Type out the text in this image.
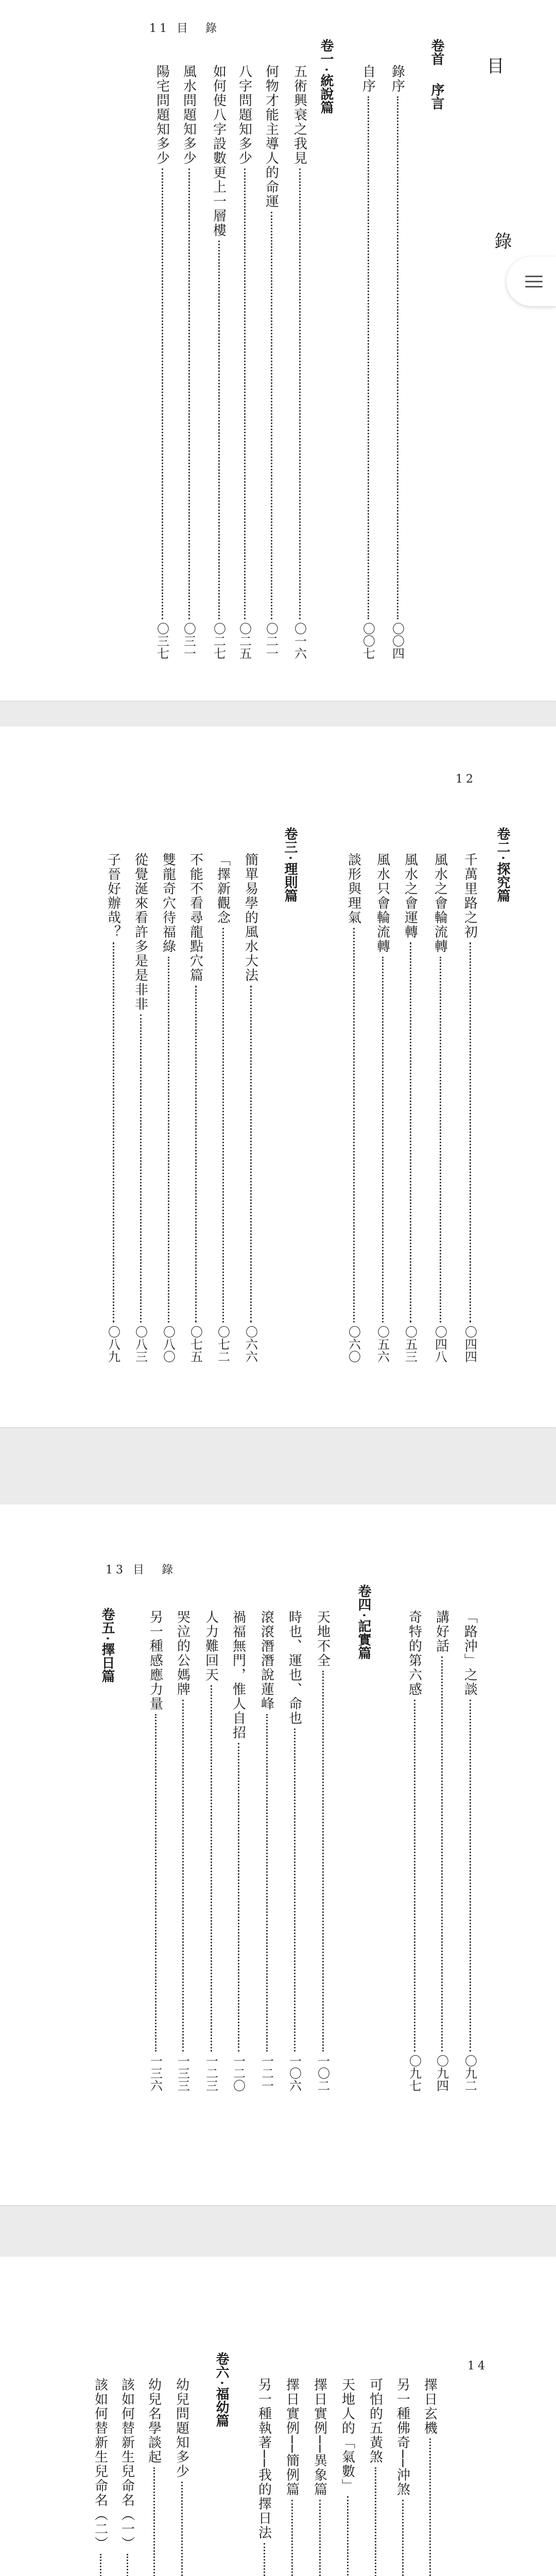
11 目　錄
目
錄
卷首　序言
錄序
〇〇四
自序
〇〇七
卷一‧統說篇
五術興衰之我見
〇一六
何物才能主導人的命運
〇二一
八字問題知多少
〇二五
如何使八字設數更上一層樓
〇二七
風水問題知多少
〇三一
陽宅問題知多少
〇三七
12
卷二‧探究篇
千萬里路之初
〇四四
風水之會輪流轉
〇四八
風水之會運轉
〇五三
風水只會輪流轉
〇五六
談形與理氣
〇六〇
卷三‧理則篇
簡單易學的風水大法
〇六六
「擇新觀念
〇七二
不能不看尋龍點穴篇
〇七五
雙龍奇穴待福綠
〇八〇
從覺涎來看許多是是非非
〇八三
子晉好辦哉？
〇八九
13 目　錄
「路沖」之談
〇九二
講好話
〇九四
奇特的第六感
〇九七
卷四‧記實篇
天地不全
一〇二
時也、運也、命也
一〇六
滾滾潛潛說蓮峰
一二一
禍福無門，惟人自招
一二〇
人力難回天
一二三
哭泣的公媽牌
一三三
另一種感應力量
一三六
卷五‧擇日篇
14
擇日玄機
另一種佛奇──沖煞
可怕的五黃煞
天地人的「氣數」
擇日實例──異象篇
擇日實例──簡例篇
另一種執著──我的擇日法
卷六‧福幼篇
幼兒問題知多少
幼兒名學談起
該如何替新生兒命名（一）
該如何替新生兒命名（二）
